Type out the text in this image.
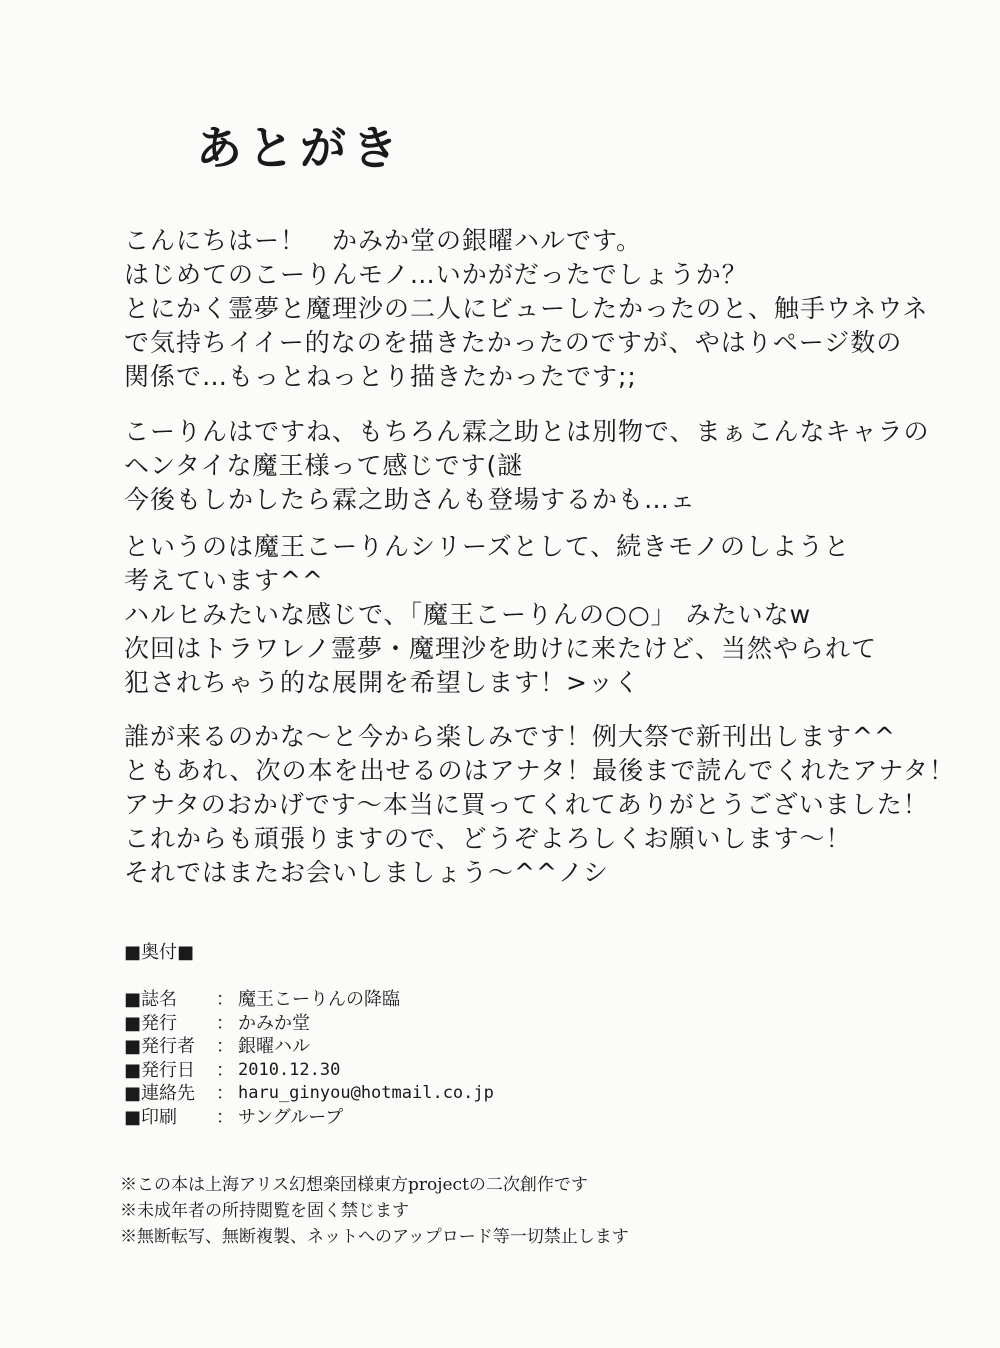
あとがき
こんにちはー！　かみか堂の銀曜ハルです。
はじめてのこーりんモノ…いかがだったでしょうか？
とにかく霊夢と魔理沙の二人にビューしたかったのと、触手ウネウネ
で気持ちイイー的なのを描きたかったのですが、やはりページ数の
関係で…もっとねっとり描きたかったです;;
こーりんはですね、もちろん霖之助とは別物で、まぁこんなキャラの
ヘンタイな魔王様って感じです(謎
今後もしかしたら霖之助さんも登場するかも…ェ
というのは魔王こーりんシリーズとして、続きモノのしようと
考えています^^
ハルヒみたいな感じで、「魔王こーりんの○○」 みたいなw
次回はトラワレノ霊夢・魔理沙を助けに来たけど、当然やられて
犯されちゃう的な展開を希望します！>ッく
誰が来るのかな～と今から楽しみです！例大祭で新刊出します^^
ともあれ、次の本を出せるのはアナタ！最後まで読んでくれたアナタ！
アナタのおかげです～本当に買ってくれてありがとうございました！
これからも頑張りますので、どうぞよろしくお願いします～！
それではまたお会いしましょう～^^ノシ
■奥付■
■誌名	： 魔王こーりんの降臨
■発行	： かみか堂
■発行者	： 銀曜ハル
■発行日	： 2010.12.30
■連絡先	： haru_ginyou@hotmail.co.jp
■印刷	： サングループ
※この本は上海アリス幻想楽団様東方projectの二次創作です
※未成年者の所持閲覧を固く禁じます
※無断転写、無断複製、ネットへのアップロード等一切禁止します
